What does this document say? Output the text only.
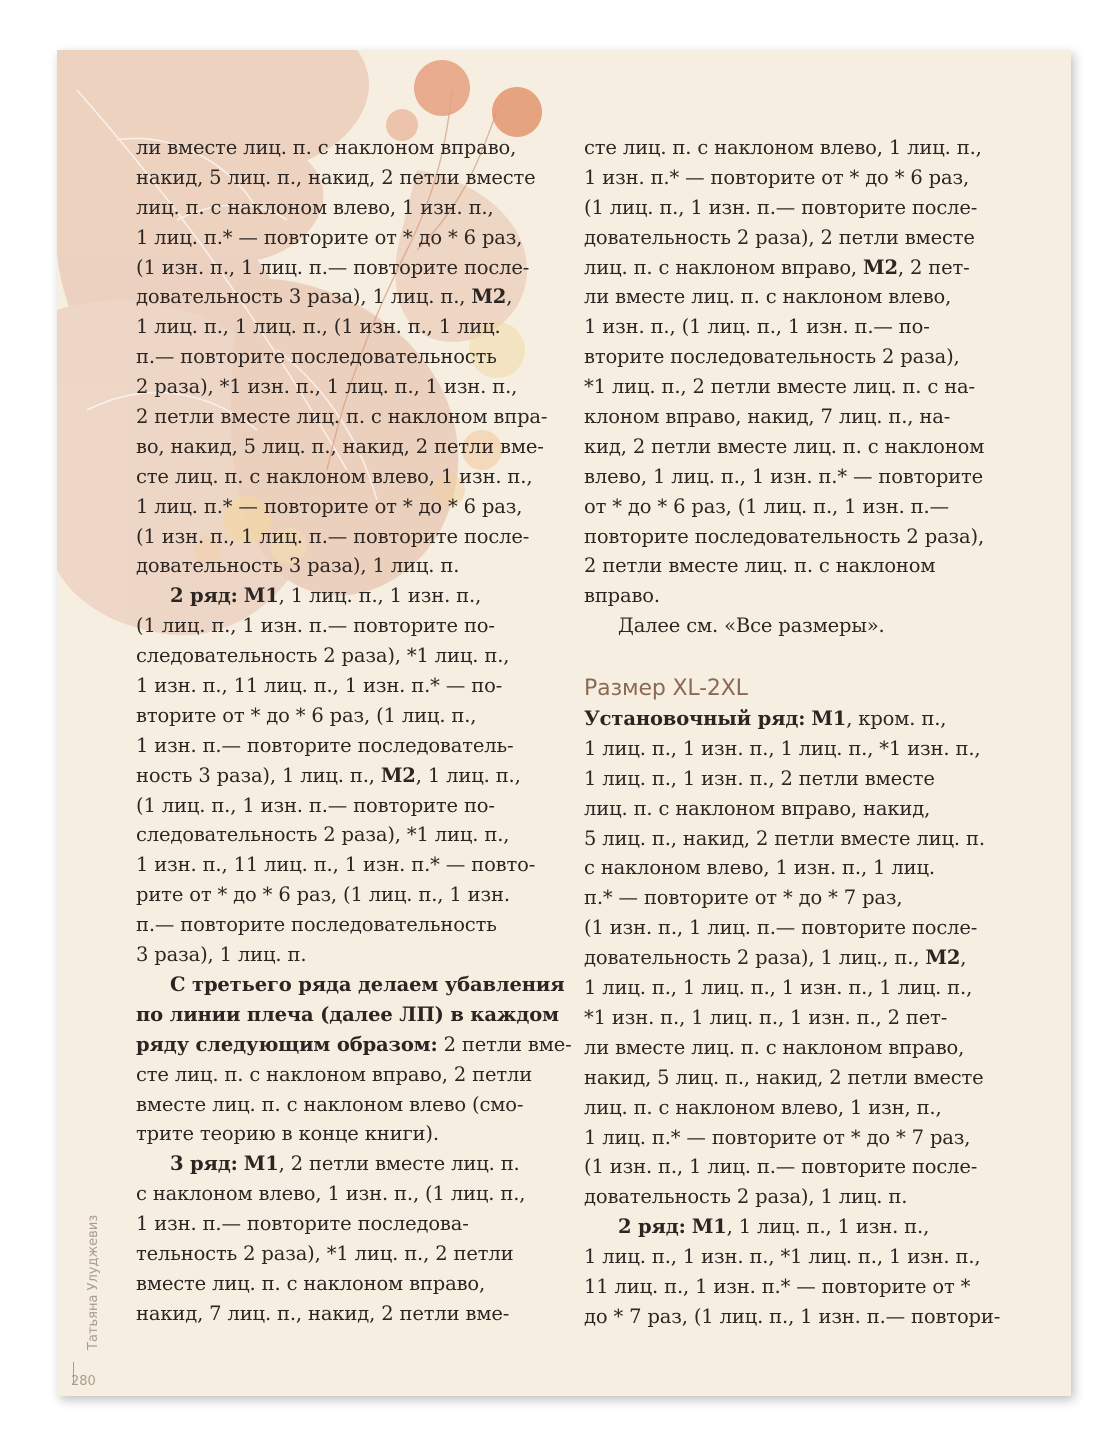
ли вместе лиц. п. с наклоном вправо,
накид, 5 лиц. п., накид, 2 петли вместе
лиц. п. с наклоном влево, 1 изн. п.,
1 лиц. п.* — повторите от * до * 6 раз,
(1 изн. п., 1 лиц. п.— повторите после-
довательность 3 раза), 1 лиц. п., М2,
1 лиц. п., 1 лиц. п., (1 изн. п., 1 лиц.
п.— повторите последовательность
2 раза), *1 изн. п., 1 лиц. п., 1 изн. п.,
2 петли вместе лиц. п. с наклоном впра-
во, накид, 5 лиц. п., накид, 2 петли вме-
сте лиц. п. с наклоном влево, 1 изн. п.,
1 лиц. п.* — повторите от * до * 6 раз,
(1 изн. п., 1 лиц. п.— повторите после-
довательность 3 раза), 1 лиц. п.
2 ряд: М1, 1 лиц. п., 1 изн. п.,
(1 лиц. п., 1 изн. п.— повторите по-
следовательность 2 раза), *1 лиц. п.,
1 изн. п., 11 лиц. п., 1 изн. п.* — по-
вторите от * до * 6 раз, (1 лиц. п.,
1 изн. п.— повторите последователь-
ность 3 раза), 1 лиц. п., М2, 1 лиц. п.,
(1 лиц. п., 1 изн. п.— повторите по-
следовательность 2 раза), *1 лиц. п.,
1 изн. п., 11 лиц. п., 1 изн. п.* — повто-
рите от * до * 6 раз, (1 лиц. п., 1 изн.
п.— повторите последовательность
3 раза), 1 лиц. п.
С третьего ряда делаем убавления
по линии плеча (далее ЛП) в каждом
ряду следующим образом: 2 петли вме-
сте лиц. п. с наклоном вправо, 2 петли
вместе лиц. п. с наклоном влево (смо-
трите теорию в конце книги).
3 ряд: М1, 2 петли вместе лиц. п.
с наклоном влево, 1 изн. п., (1 лиц. п.,
1 изн. п.— повторите последова-
тельность 2 раза), *1 лиц. п., 2 петли
вместе лиц. п. с наклоном вправо,
накид, 7 лиц. п., накид, 2 петли вме-
сте лиц. п. с наклоном влево, 1 лиц. п.,
1 изн. п.* — повторите от * до * 6 раз,
(1 лиц. п., 1 изн. п.— повторите после-
довательность 2 раза), 2 петли вместе
лиц. п. с наклоном вправо, М2, 2 пет-
ли вместе лиц. п. с наклоном влево,
1 изн. п., (1 лиц. п., 1 изн. п.— по-
вторите последовательность 2 раза),
*1 лиц. п., 2 петли вместе лиц. п. с на-
клоном вправо, накид, 7 лиц. п., на-
кид, 2 петли вместе лиц. п. с наклоном
влево, 1 лиц. п., 1 изн. п.* — повторите
от * до * 6 раз, (1 лиц. п., 1 изн. п.—
повторите последовательность 2 раза),
2 петли вместе лиц. п. с наклоном
вправо.
Далее см. «Все размеры».
Размер XL-2XL
Установочный ряд: М1, кром. п.,
1 лиц. п., 1 изн. п., 1 лиц. п., *1 изн. п.,
1 лиц. п., 1 изн. п., 2 петли вместе
лиц. п. с наклоном вправо, накид,
5 лиц. п., накид, 2 петли вместе лиц. п.
с наклоном влево, 1 изн. п., 1 лиц.
п.* — повторите от * до * 7 раз,
(1 изн. п., 1 лиц. п.— повторите после-
довательность 2 раза), 1 лиц., п., М2,
1 лиц. п., 1 лиц. п., 1 изн. п., 1 лиц. п.,
*1 изн. п., 1 лиц. п., 1 изн. п., 2 пет-
ли вместе лиц. п. с наклоном вправо,
накид, 5 лиц. п., накид, 2 петли вместе
лиц. п. с наклоном влево, 1 изн, п.,
1 лиц. п.* — повторите от * до * 7 раз,
(1 изн. п., 1 лиц. п.— повторите после-
довательность 2 раза), 1 лиц. п.
2 ряд: М1, 1 лиц. п., 1 изн. п.,
1 лиц. п., 1 изн. п., *1 лиц. п., 1 изн. п.,
11 лиц. п., 1 изн. п.* — повторите от *
до * 7 раз, (1 лиц. п., 1 изн. п.— повтори-
Татьяна Улуджевиз
280
